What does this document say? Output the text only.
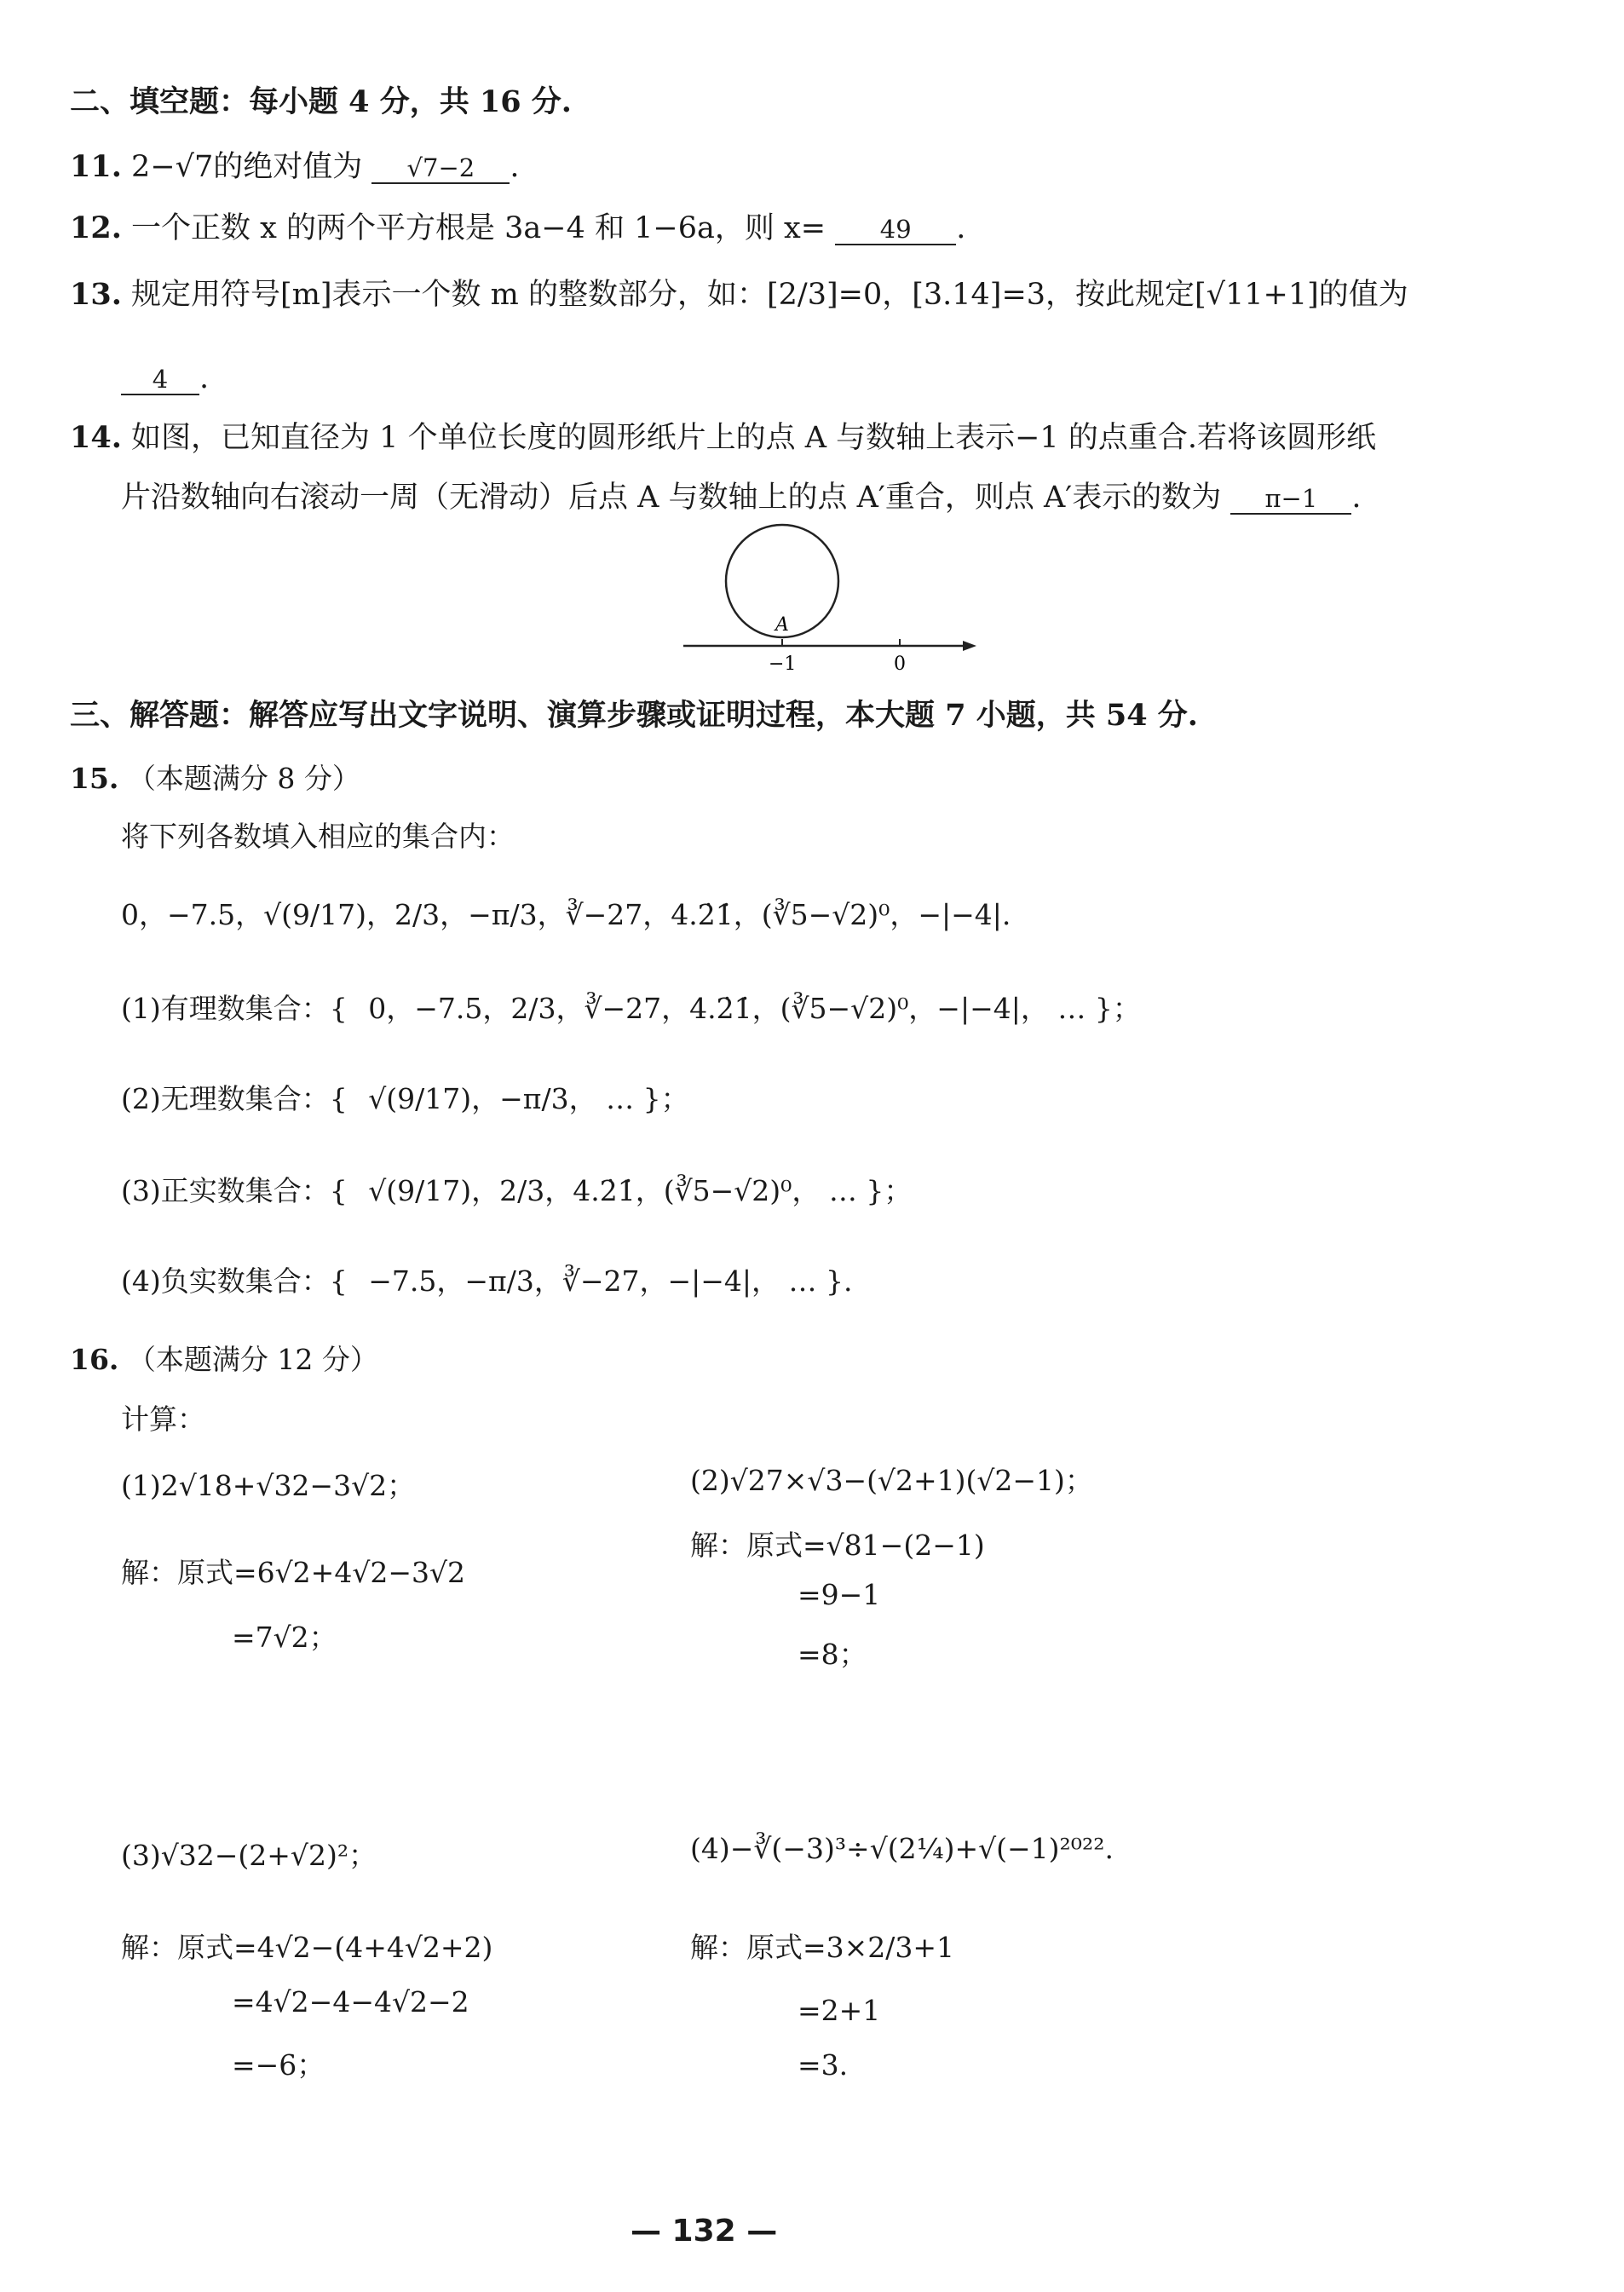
二、填空题：每小题 4 分，共 16 分.
11. 2−√7的绝对值为 √7−2 .
12. 一个正数 x 的两个平方根是 3a−4 和 1−6a，则 x= 49 .
13. 规定用符号[m]表示一个数 m 的整数部分，如：[2/3]=0，[3.14]=3，按此规定[√11+1]的值为
4 .
14. 如图，已知直径为 1 个单位长度的圆形纸片上的点 A 与数轴上表示−1 的点重合.若将该圆形纸
片沿数轴向右滚动一周（无滑动）后点 A 与数轴上的点 A′重合，则点 A′表示的数为 π−1 .
A
−1	0
三、解答题：解答应写出文字说明、演算步骤或证明过程，本大题 7 小题，共 54 分.
15. （本题满分 8 分）
将下列各数填入相应的集合内：
0，−7.5，√(9/17)，2/3，−π/3，∛−27，4.2̇1̇，(∛5−√2)⁰，−|−4|.
(1)有理数集合：{ 0，−7.5，2/3，∛−27，4.2̇1̇，(∛5−√2)⁰，−|−4|， … }；
(2)无理数集合：{ √(9/17)，−π/3， … }；
(3)正实数集合：{ √(9/17)，2/3，4.2̇1̇，(∛5−√2)⁰， … }；
(4)负实数集合：{ −7.5，−π/3，∛−27，−|−4|， … }.
16. （本题满分 12 分）
计算：
(1)2√18+√32−3√2；
解：原式=6√2+4√2−3√2
=7√2；
(2)√27×√3−(√2+1)(√2−1)；
解：原式=√81−(2−1)
=9−1
=8；
(3)√32−(2+√2)²；
解：原式=4√2−(4+4√2+2)
=4√2−4−4√2−2
=−6；
(4)−∛(−3)³÷√(2¼)+√(−1)²⁰²².
解：原式=3×2/3+1
=2+1
=3.
— 132 —
